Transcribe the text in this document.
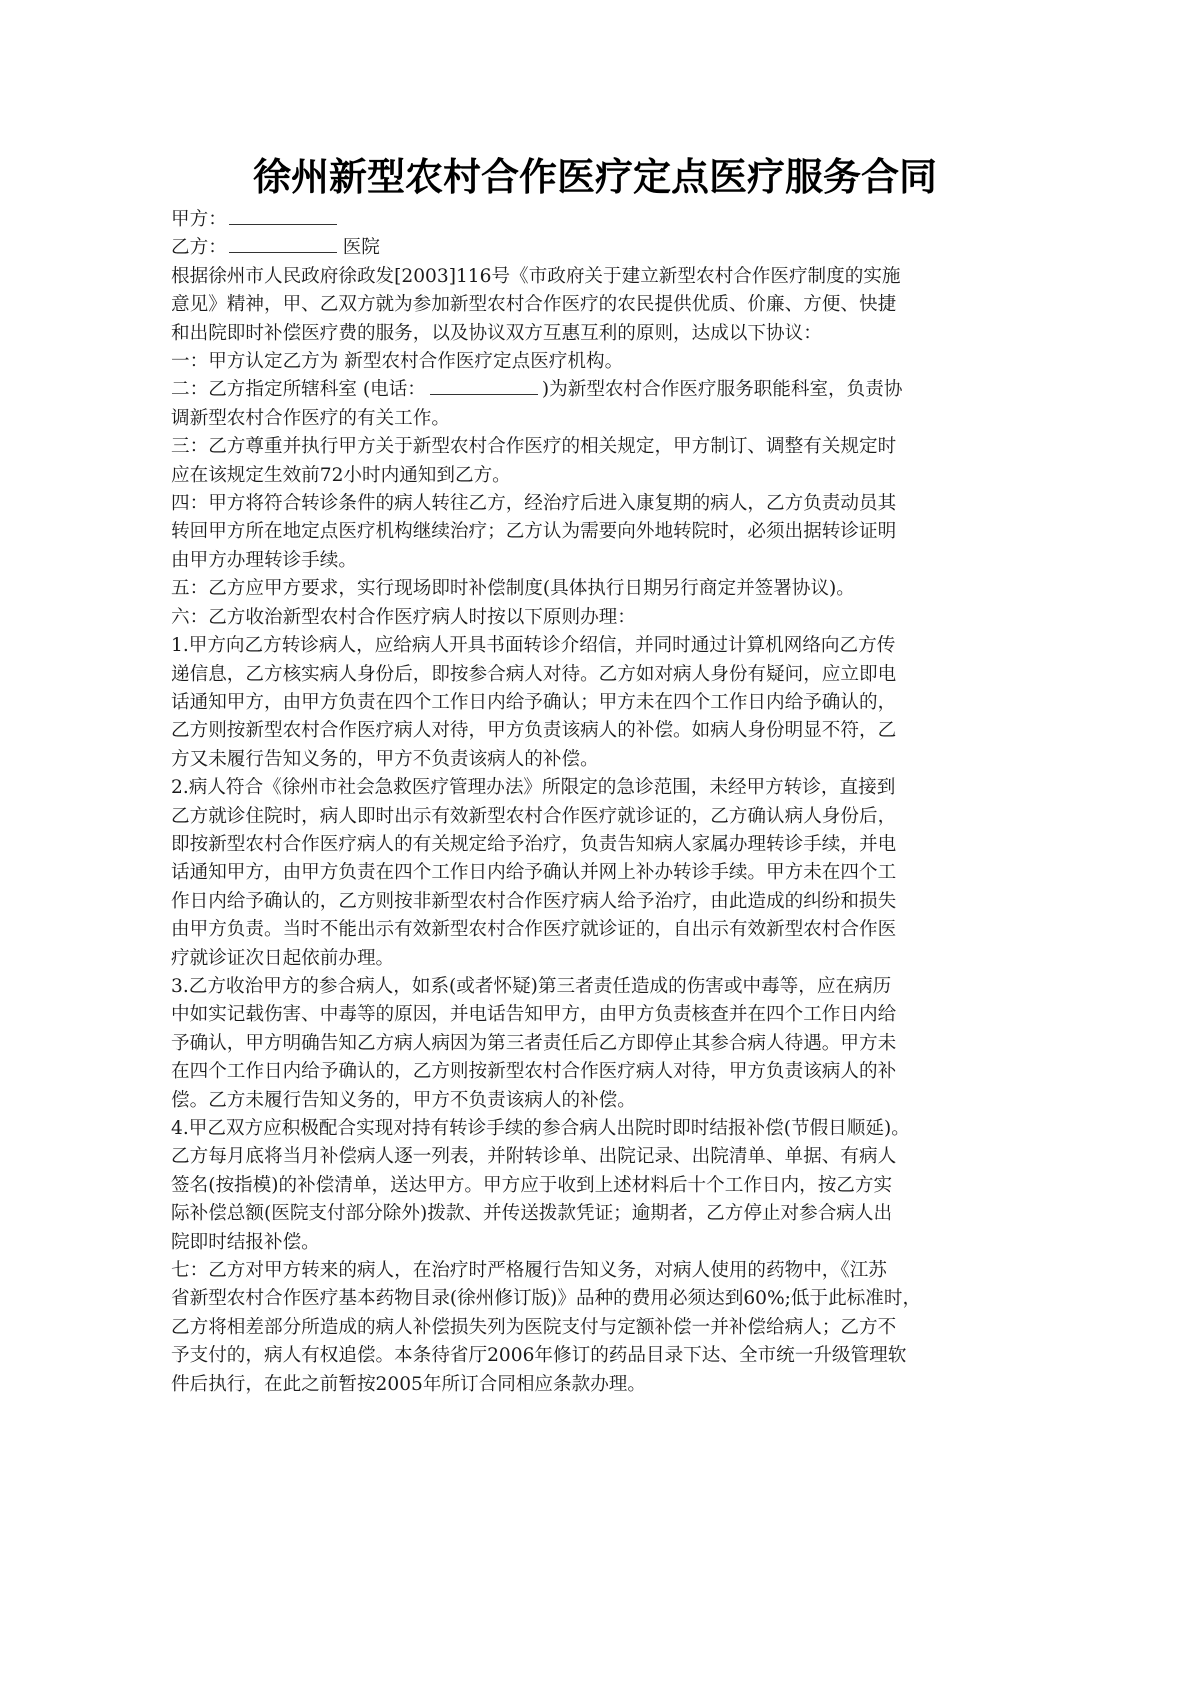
徐州新型农村合作医疗定点医疗服务合同
甲方：
乙方：	医院
根据徐州市人民政府徐政发[2003]116号《市政府关于建立新型农村合作医疗制度的实施
意见》精神，甲、乙双方就为参加新型农村合作医疗的农民提供优质、价廉、方便、快捷
和出院即时补偿医疗费的服务，以及协议双方互惠互利的原则，达成以下协议：
一：甲方认定乙方为 新型农村合作医疗定点医疗机构。
二：乙方指定所辖科室 (电话：	)为新型农村合作医疗服务职能科室，负责协
调新型农村合作医疗的有关工作。
三：乙方尊重并执行甲方关于新型农村合作医疗的相关规定，甲方制订、调整有关规定时
应在该规定生效前72小时内通知到乙方。
四：甲方将符合转诊条件的病人转往乙方，经治疗后进入康复期的病人，乙方负责动员其
转回甲方所在地定点医疗机构继续治疗；乙方认为需要向外地转院时，必须出据转诊证明
由甲方办理转诊手续。
五：乙方应甲方要求，实行现场即时补偿制度(具体执行日期另行商定并签署协议)。
六：乙方收治新型农村合作医疗病人时按以下原则办理：
1.甲方向乙方转诊病人，应给病人开具书面转诊介绍信，并同时通过计算机网络向乙方传
递信息，乙方核实病人身份后，即按参合病人对待。乙方如对病人身份有疑问，应立即电
话通知甲方，由甲方负责在四个工作日内给予确认；甲方未在四个工作日内给予确认的，
乙方则按新型农村合作医疗病人对待，甲方负责该病人的补偿。如病人身份明显不符，乙
方又未履行告知义务的，甲方不负责该病人的补偿。
2.病人符合《徐州市社会急救医疗管理办法》所限定的急诊范围，未经甲方转诊，直接到
乙方就诊住院时，病人即时出示有效新型农村合作医疗就诊证的，乙方确认病人身份后，
即按新型农村合作医疗病人的有关规定给予治疗，负责告知病人家属办理转诊手续，并电
话通知甲方，由甲方负责在四个工作日内给予确认并网上补办转诊手续。甲方未在四个工
作日内给予确认的，乙方则按非新型农村合作医疗病人给予治疗，由此造成的纠纷和损失
由甲方负责。当时不能出示有效新型农村合作医疗就诊证的，自出示有效新型农村合作医
疗就诊证次日起依前办理。
3.乙方收治甲方的参合病人，如系(或者怀疑)第三者责任造成的伤害或中毒等，应在病历
中如实记载伤害、中毒等的原因，并电话告知甲方，由甲方负责核查并在四个工作日内给
予确认，甲方明确告知乙方病人病因为第三者责任后乙方即停止其参合病人待遇。甲方未
在四个工作日内给予确认的，乙方则按新型农村合作医疗病人对待，甲方负责该病人的补
偿。乙方未履行告知义务的，甲方不负责该病人的补偿。
4.甲乙双方应积极配合实现对持有转诊手续的参合病人出院时即时结报补偿(节假日顺延)。
乙方每月底将当月补偿病人逐一列表，并附转诊单、出院记录、出院清单、单据、有病人
签名(按指模)的补偿清单，送达甲方。甲方应于收到上述材料后十个工作日内，按乙方实
际补偿总额(医院支付部分除外)拨款、并传送拨款凭证；逾期者，乙方停止对参合病人出
院即时结报补偿。
七：乙方对甲方转来的病人，在治疗时严格履行告知义务，对病人使用的药物中，《江苏
省新型农村合作医疗基本药物目录(徐州修订版)》品种的费用必须达到60%;低于此标准时，
乙方将相差部分所造成的病人补偿损失列为医院支付与定额补偿一并补偿给病人；乙方不
予支付的，病人有权追偿。本条待省厅2006年修订的药品目录下达、全市统一升级管理软
件后执行，在此之前暂按2005年所订合同相应条款办理。
